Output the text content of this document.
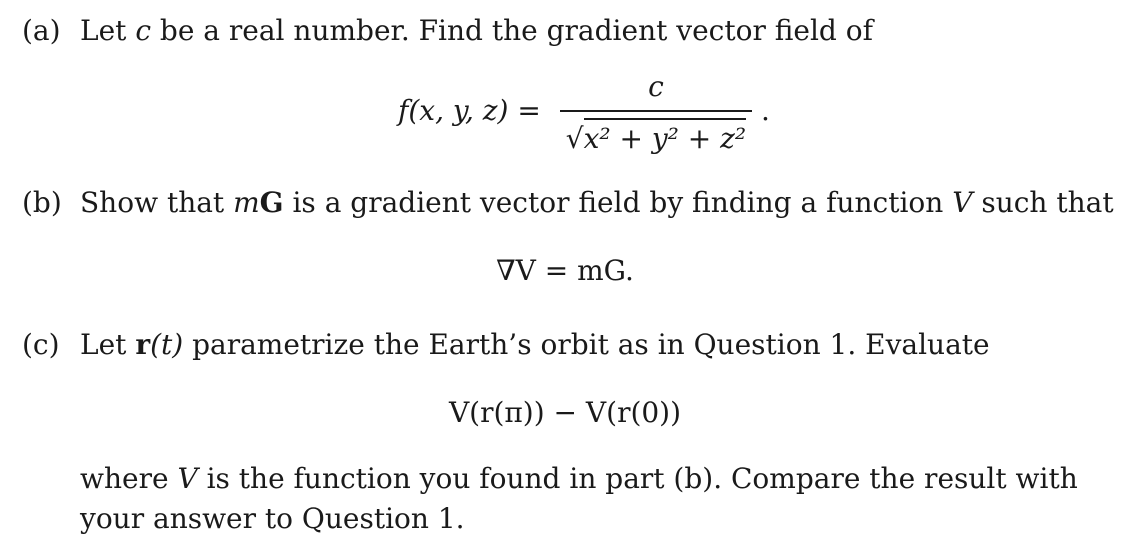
(a) Let c be a real number. Find the gradient vector field of
f(x, y, $z) = \frac{c}{\text{√x² + y² + z²}}$ .
(b) Show that mG is a gradient vector field by finding a function V such that
∇V = mG.
(c) Let r(t) parametrize the Earth’s orbit as in Question 1. Evaluate
V(r(π)) − V(r(0))
where V is the function you found in part (b). Compare the result with
your answer to Question 1.
